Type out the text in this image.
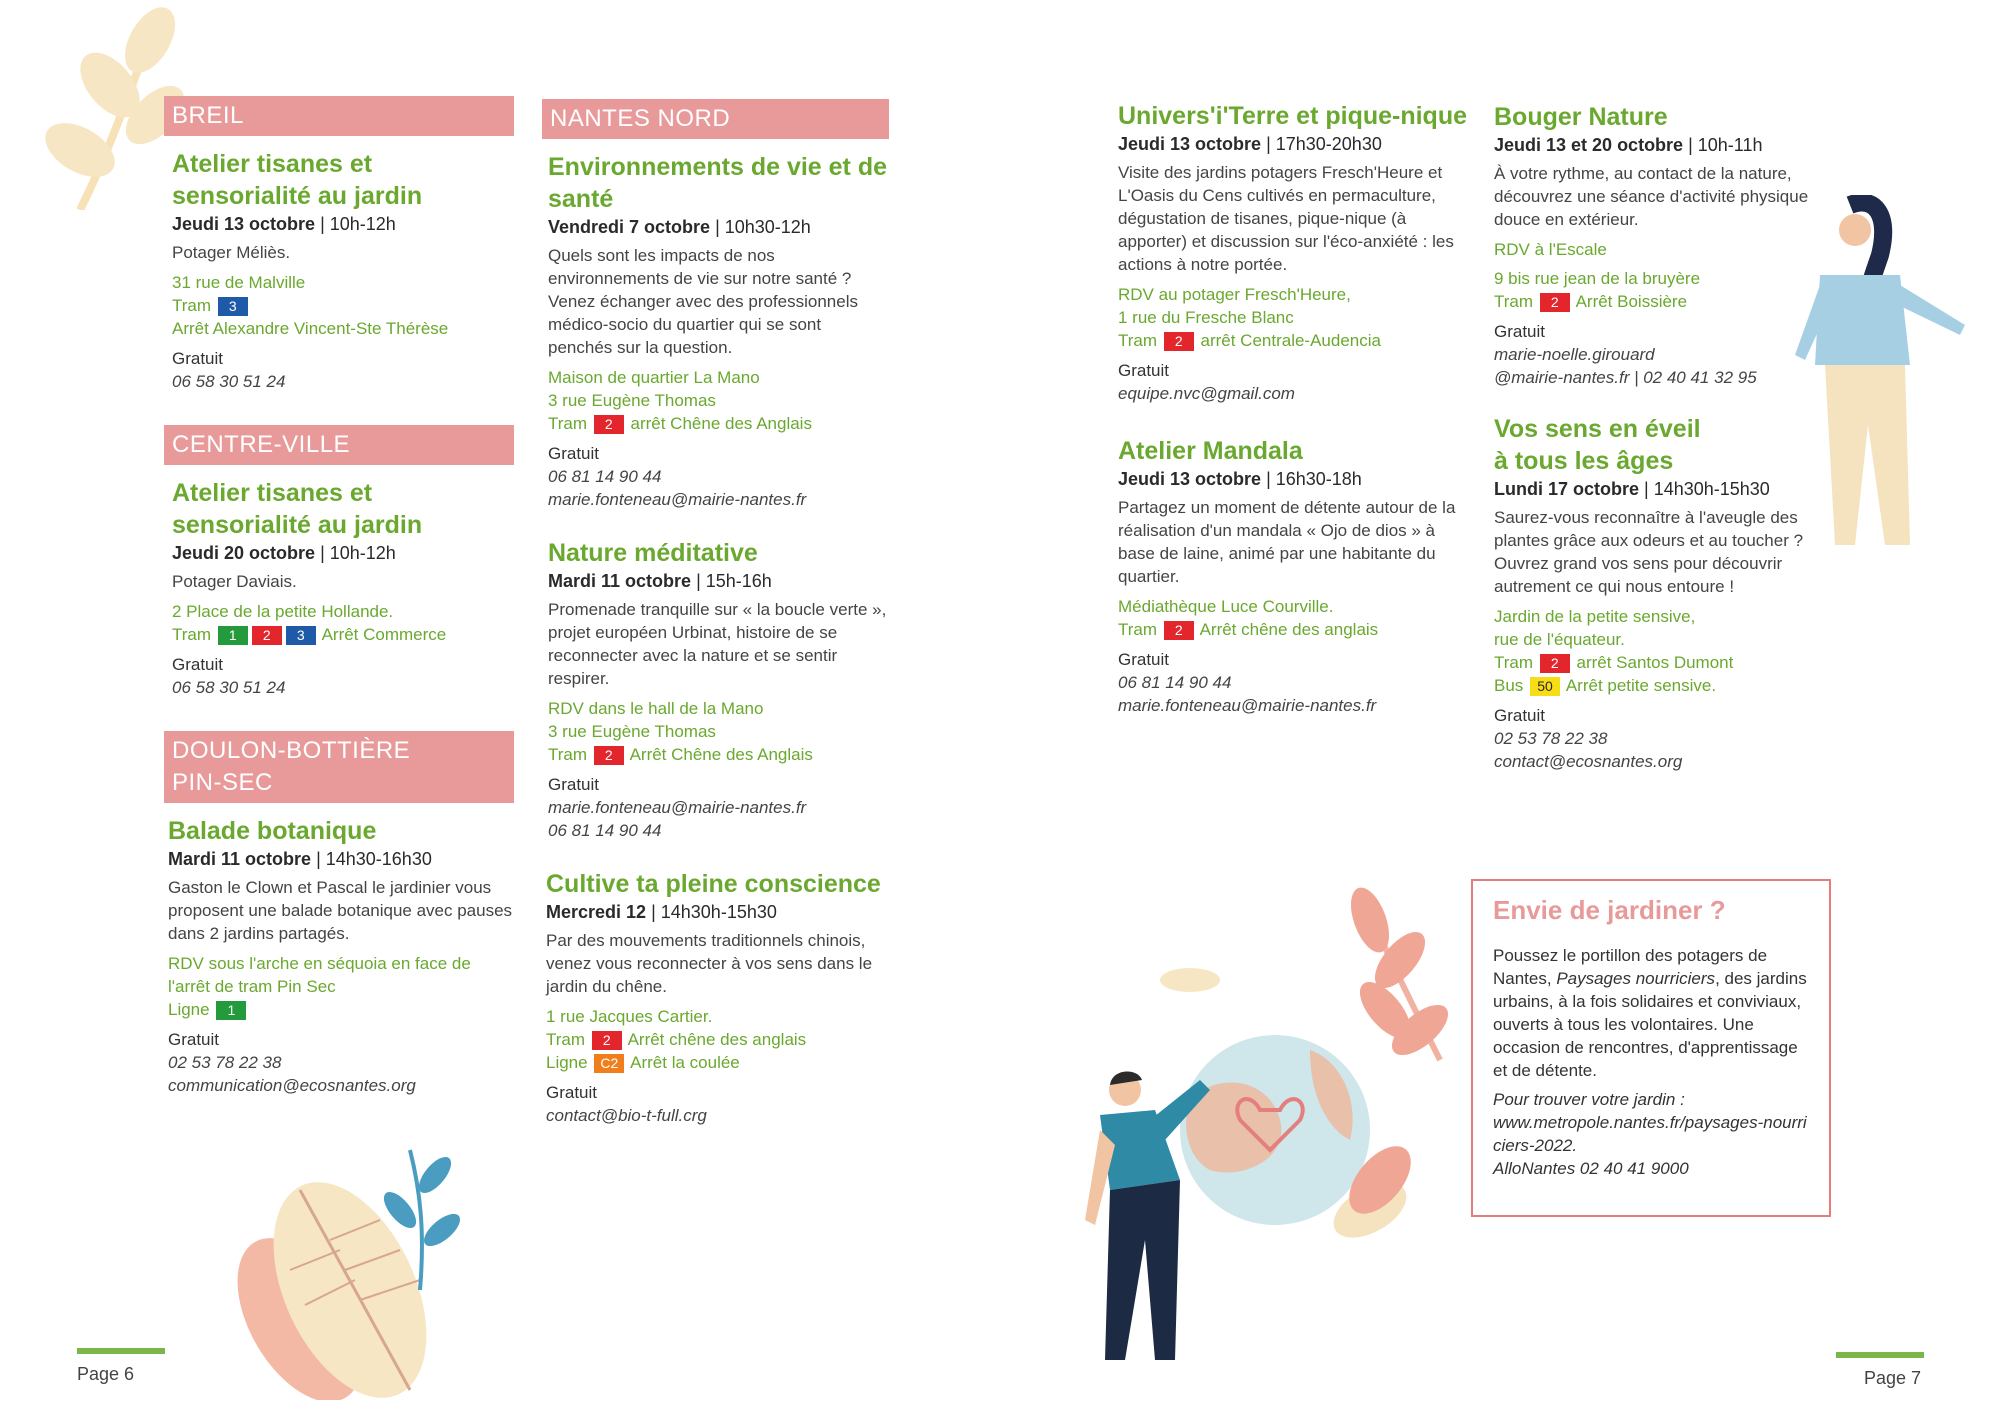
BREIL
Atelier tisanes et sensorialité au jardin
Jeudi 13 octobre | 10h-12h
Potager Méliès.
31 rue de Malville
Tram 3
Arrêt Alexandre Vincent-Ste Thérèse
Gratuit
06 58 30 51 24
CENTRE-VILLE
Atelier tisanes et sensorialité au jardin
Jeudi 20 octobre | 10h-12h
Potager Daviais.
2 Place de la petite Hollande.
Tram 1 2 3 Arrêt Commerce
Gratuit
06 58 30 51 24
DOULON-BOTTIÈRE
PIN-SEC
Balade botanique
Mardi 11 octobre | 14h30-16h30
Gaston le Clown et Pascal le jardinier vous proposent une balade botanique avec pauses dans 2 jardins partagés.
RDV sous l'arche en séquoia en face de l'arrêt de tram Pin Sec
Ligne 1
Gratuit
02 53 78 22 38
communication@ecosnantes.org
NANTES NORD
Environnements de vie et de santé
Vendredi 7 octobre | 10h30-12h
Quels sont les impacts de nos environnements de vie sur notre santé ? Venez échanger avec des professionnels médico-socio du quartier qui se sont penchés sur la question.
Maison de quartier La Mano
3 rue Eugène Thomas
Tram 2 arrêt Chêne des Anglais
Gratuit
06 81 14 90 44
marie.fonteneau@mairie-nantes.fr
Nature méditative
Mardi 11 octobre | 15h-16h
Promenade tranquille sur « la boucle verte », projet européen Urbinat, histoire de se reconnecter avec la nature et se sentir respirer.
RDV dans le hall de la Mano
3 rue Eugène Thomas
Tram 2 Arrêt Chêne des Anglais
Gratuit
marie.fonteneau@mairie-nantes.fr
06 81 14 90 44
Cultive ta pleine conscience
Mercredi 12 | 14h30h-15h30
Par des mouvements traditionnels chinois, venez vous reconnecter à vos sens dans le jardin du chêne.
1 rue Jacques Cartier.
Tram 2 Arrêt chêne des anglais
Ligne C2 Arrêt la coulée
Gratuit
contact@bio-t-full.crg
Univers'i'Terre et pique-nique
Jeudi 13 octobre | 17h30-20h30
Visite des jardins potagers Fresch'Heure et L'Oasis du Cens cultivés en permaculture, dégustation de tisanes, pique-nique (à apporter) et discussion sur l'éco-anxiété : les actions à notre portée.
RDV au potager Fresch'Heure,
1 rue du Fresche Blanc
Tram 2 arrêt Centrale-Audencia
Gratuit
equipe.nvc@gmail.com
Atelier Mandala
Jeudi 13 octobre | 16h30-18h
Partagez un moment de détente autour de la réalisation d'un mandala « Ojo de dios » à base de laine, animé par une habitante du quartier.
Médiathèque Luce Courville.
Tram 2 Arrêt chêne des anglais
Gratuit
06 81 14 90 44
marie.fonteneau@mairie-nantes.fr
Bouger Nature
Jeudi 13 et 20 octobre | 10h-11h
À votre rythme, au contact de la nature, découvrez une séance d'activité physique douce en extérieur.
RDV à l'Escale
9 bis rue jean de la bruyère
Tram 2 Arrêt Boissière
Gratuit
marie-noelle.girouard
@mairie-nantes.fr | 02 40 41 32 95
Vos sens en éveil à tous les âges
Lundi 17 octobre | 14h30h-15h30
Saurez-vous reconnaître à l'aveugle des plantes grâce aux odeurs et au toucher ? Ouvrez grand vos sens pour découvrir autrement ce qui nous entoure !
Jardin de la petite sensive,
rue de l'équateur.
Tram 2 arrêt Santos Dumont
Bus 50 Arrêt petite sensive.
Gratuit
02 53 78 22 38
contact@ecosnantes.org
Envie de jardiner ?

Poussez le portillon des potagers de Nantes, Paysages nourriciers, des jardins urbains, à la fois solidaires et conviviaux, ouverts à tous les volontaires. Une occasion de rencontres, d'apprentissage et de détente.

Pour trouver votre jardin :

www.metropole.nantes.fr/paysages-nourriciers-2022.

AlloNantes 02 40 41 9000

Page 6	Page 7
